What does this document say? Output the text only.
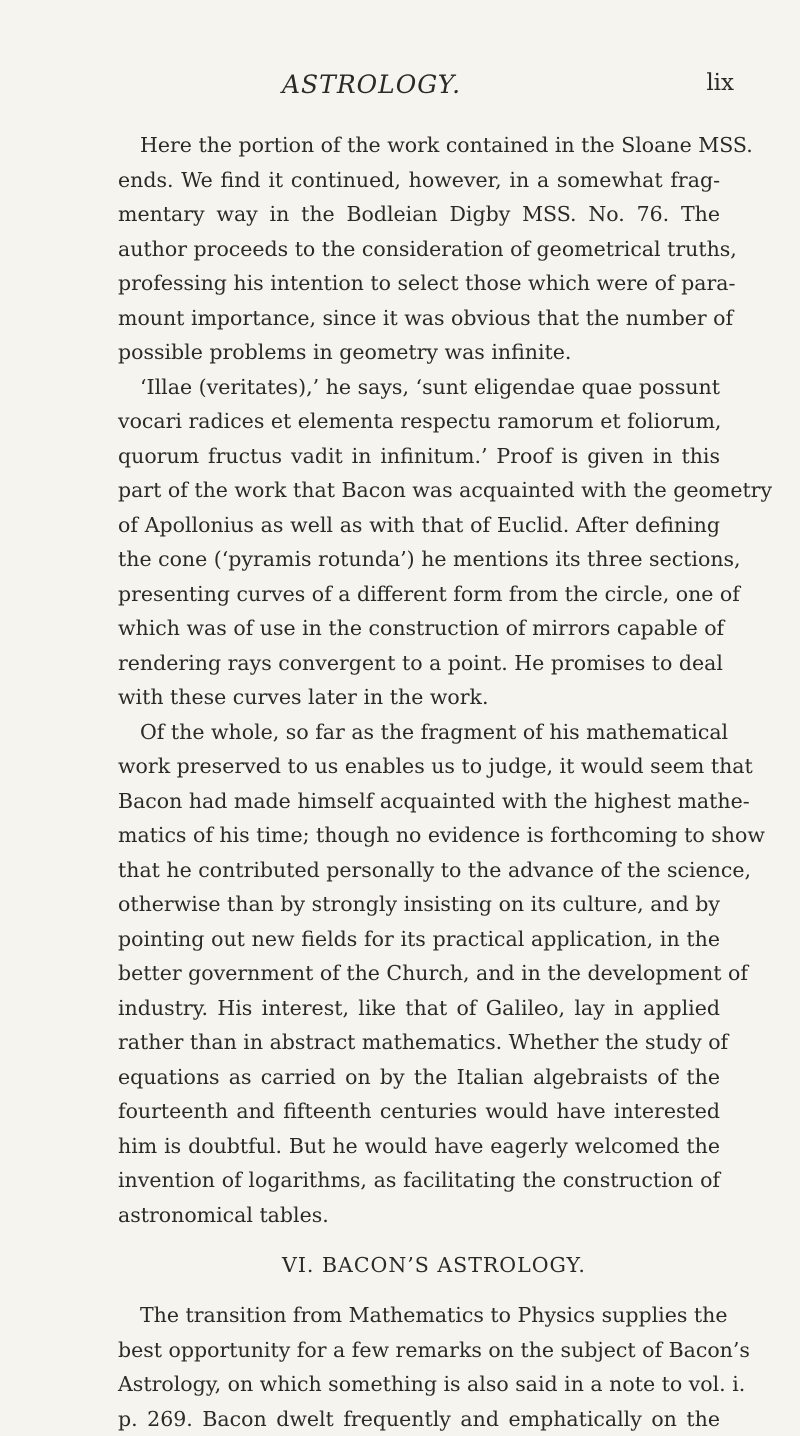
ASTROLOGY.	lix
Here the portion of the work contained in the Sloane MSS.
ends. We find it continued, however, in a somewhat frag-
mentary way in the Bodleian Digby MSS. No. 76. The
author proceeds to the consideration of geometrical truths,
professing his intention to select those which were of para-
mount importance, since it was obvious that the number of
possible problems in geometry was infinite.
‘Illae (veritates),’ he says, ‘sunt eligendae quae possunt
vocari radices et elementa respectu ramorum et foliorum,
quorum fructus vadit in infinitum.’ Proof is given in this
part of the work that Bacon was acquainted with the geometry
of Apollonius as well as with that of Euclid. After defining
the cone (‘pyramis rotunda’) he mentions its three sections,
presenting curves of a different form from the circle, one of
which was of use in the construction of mirrors capable of
rendering rays convergent to a point. He promises to deal
with these curves later in the work.
Of the whole, so far as the fragment of his mathematical
work preserved to us enables us to judge, it would seem that
Bacon had made himself acquainted with the highest mathe-
matics of his time; though no evidence is forthcoming to show
that he contributed personally to the advance of the science,
otherwise than by strongly insisting on its culture, and by
pointing out new fields for its practical application, in the
better government of the Church, and in the development of
industry. His interest, like that of Galileo, lay in applied
rather than in abstract mathematics. Whether the study of
equations as carried on by the Italian algebraists of the
fourteenth and fifteenth centuries would have interested
him is doubtful. But he would have eagerly welcomed the
invention of logarithms, as facilitating the construction of
astronomical tables.
VI. BACON’S ASTROLOGY.
The transition from Mathematics to Physics supplies the
best opportunity for a few remarks on the subject of Bacon’s
Astrology, on which something is also said in a note to vol. i.
p. 269. Bacon dwelt frequently and emphatically on the
